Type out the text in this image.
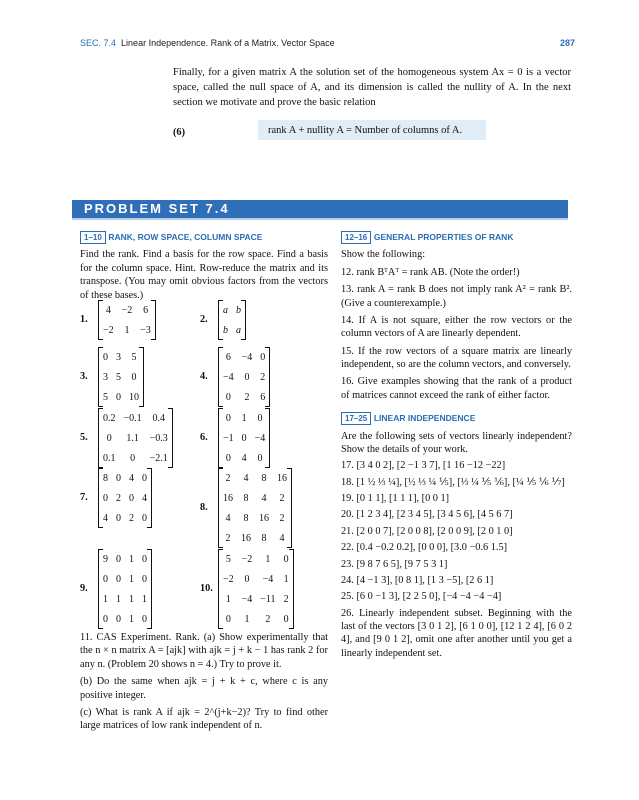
SEC. 7.4 Linear Independence. Rank of a Matrix. Vector Space	287
Finally, for a given matrix A the solution set of the homogeneous system Ax = 0 is a vector space, called the null space of A, and its dimension is called the nullity of A. In the next section we motivate and prove the basic relation
(6)	rank A + nullity A = Number of columns of A.
PROBLEM SET 7.4
1–10 RANK, ROW SPACE, COLUMN SPACE
Find the rank. Find a basis for the row space. Find a basis for the column space. Hint. Row-reduce the matrix and its transpose. (You may omit obvious factors from the vectors of these bases.)
1.
4	−2	6
−2	1	−3
2.
a	b
b	a
3.
0	3	5
3	5	0
5	0	10
4.
6	−4	0
−4	0	2
0	2	6
5.
0.2	−0.1	0.4
0	1.1	−0.3
0.1	0	−2.1
6.
0	1	0
−1	0	−4
0	4	0
7.
8	0	4	0
0	2	0	4
4	0	2	0
8.
2	4	8	16
16	8	4	2
4	8	16	2
2	16	8	4
9.
9	0	1	0
0	0	1	0
1	1	1	1
0	0	1	0
10.
5	−2	1	0
−2	0	−4	1
1	−4	−11	2
0	1	2	0
11. CAS Experiment. Rank. (a) Show experimentally that the n × n matrix A = [ajk] with ajk = j + k − 1 has rank 2 for any n. (Problem 20 shows n = 4.) Try to prove it.
(b) Do the same when ajk = j + k + c, where c is any positive integer.
(c) What is rank A if ajk = 2^(j+k−2)? Try to find other large matrices of low rank independent of n.
12–16 GENERAL PROPERTIES OF RANK
Show the following:
12. rank BᵀAᵀ = rank AB. (Note the order!)
13. rank A = rank B does not imply rank A² = rank B². (Give a counterexample.)
14. If A is not square, either the row vectors or the column vectors of A are linearly dependent.
15. If the row vectors of a square matrix are linearly independent, so are the column vectors, and conversely.
16. Give examples showing that the rank of a product of matrices cannot exceed the rank of either factor.
17–25 LINEAR INDEPENDENCE
Are the following sets of vectors linearly independent? Show the details of your work.
17. [3 4 0 2], [2 −1 3 7], [1 16 −12 −22]
18. [1 ½ ⅓ ¼], [½ ⅓ ¼ ⅕], [⅓ ¼ ⅕ ⅙], [¼ ⅕ ⅙ ⅐]
19. [0 1 1], [1 1 1], [0 0 1]
20. [1 2 3 4], [2 3 4 5], [3 4 5 6], [4 5 6 7]
21. [2 0 0 7], [2 0 0 8], [2 0 0 9], [2 0 1 0]
22. [0.4 −0.2 0.2], [0 0 0], [3.0 −0.6 1.5]
23. [9 8 7 6 5], [9 7 5 3 1]
24. [4 −1 3], [0 8 1], [1 3 −5], [2 6 1]
25. [6 0 −1 3], [2 2 5 0], [−4 −4 −4 −4]
26. Linearly independent subset. Beginning with the last of the vectors [3 0 1 2], [6 1 0 0], [12 1 2 4], [6 0 2 4], and [9 0 1 2], omit one after another until you get a linearly independent set.
